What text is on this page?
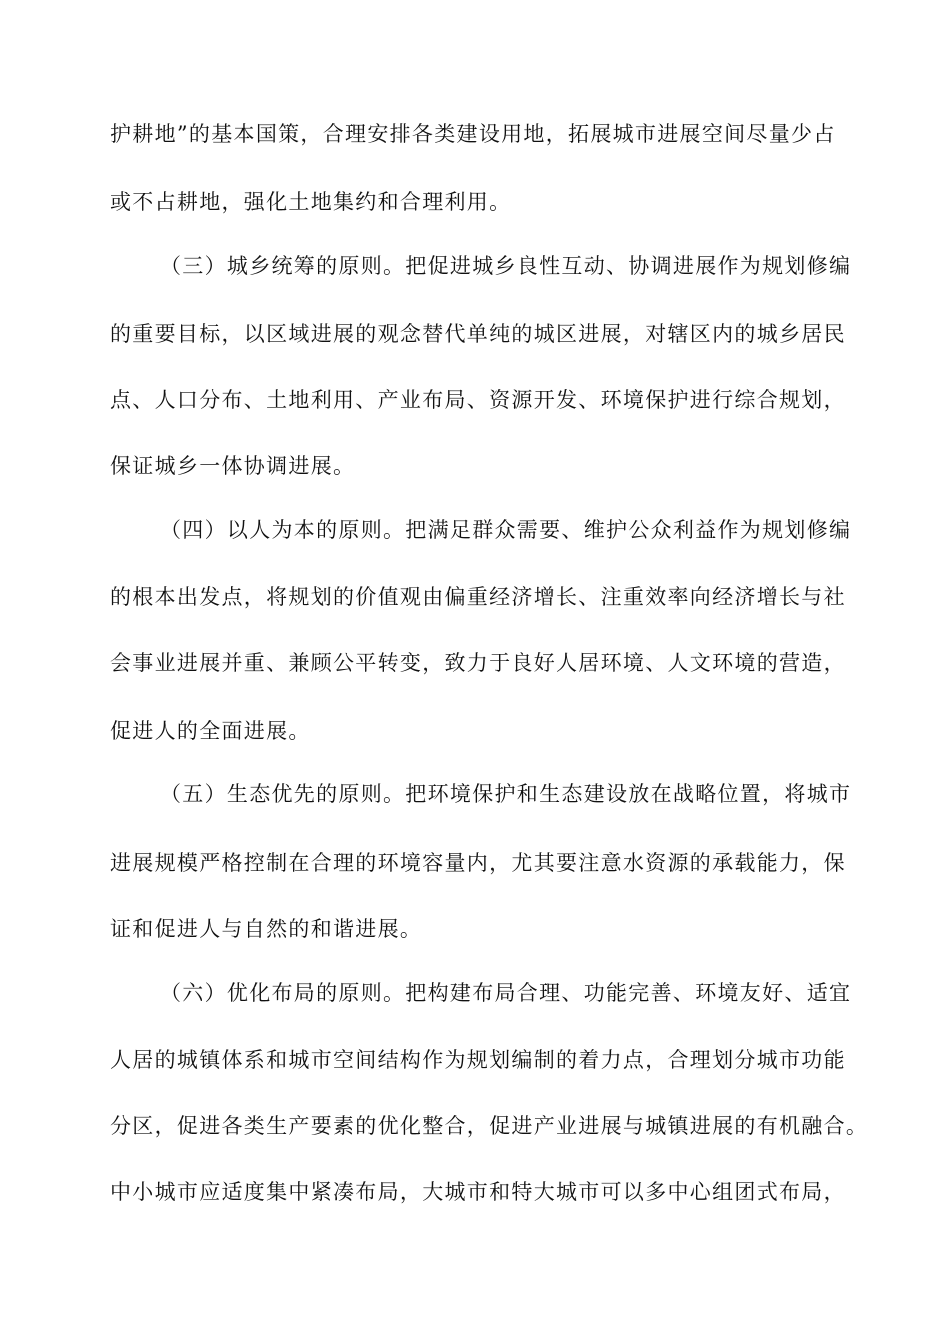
护耕地”的基本国策，合理安排各类建设用地，拓展城市进展空间尽量少占
或不占耕地，强化土地集约和合理利用。
（三）城乡统筹的原则。把促进城乡良性互动、协调进展作为规划修编
的重要目标，以区域进展的观念替代单纯的城区进展，对辖区内的城乡居民
点、人口分布、土地利用、产业布局、资源开发、环境保护进行综合规划，
保证城乡一体协调进展。
（四）以人为本的原则。把满足群众需要、维护公众利益作为规划修编
的根本出发点，将规划的价值观由偏重经济增长、注重效率向经济增长与社
会事业进展并重、兼顾公平转变，致力于良好人居环境、人文环境的营造，
促进人的全面进展。
（五）生态优先的原则。把环境保护和生态建设放在战略位置，将城市
进展规模严格控制在合理的环境容量内，尤其要注意水资源的承载能力，保
证和促进人与自然的和谐进展。
（六）优化布局的原则。把构建布局合理、功能完善、环境友好、适宜
人居的城镇体系和城市空间结构作为规划编制的着力点，合理划分城市功能
分区，促进各类生产要素的优化整合，促进产业进展与城镇进展的有机融合。
中小城市应适度集中紧凑布局，大城市和特大城市可以多中心组团式布局，
